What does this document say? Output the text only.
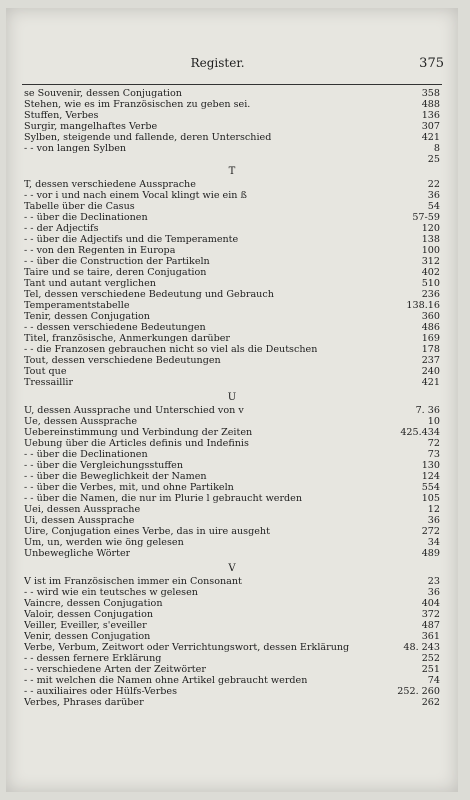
Register.	375
se Souvenir, dessen Conjugation	358
Stehen, wie es im Französischen zu geben sei.	488
Stuffen, Verbes	136
Surgir, mangelhaftes Verbe	307
Sylben, steigende und fallende, deren Unterschied	421
- - von langen Sylben	8
25
T
T, dessen verschiedene Aussprache	22
- - vor i und nach einem Vocal klingt wie ein ß	36
Tabelle über die Casus	54
- - über die Declinationen	57-59
- - der Adjectifs	120
- - über die Adjectifs und die Temperamente	138
- - von den Regenten in Europa	100
- - über die Construction der Partikeln	312
Taire und se taire, deren Conjugation	402
Tant und autant verglichen	510
Tel, dessen verschiedene Bedeutung und Gebrauch	236
Temperamentstabelle	138.16
Tenir, dessen Conjugation	360
- - dessen verschiedene Bedeutungen	486
Titel, französische, Anmerkungen darüber	169
- - die Franzosen gebrauchen nicht so viel als die Deutschen	178
Tout, dessen verschiedene Bedeutungen	237
Tout que	240
Tressaillir	421
U
U, dessen Aussprache und Unterschied von v	7. 36
Ue, dessen Aussprache	10
Uebereinstimmung und Verbindung der Zeiten	425.434
Uebung über die Articles definis und Indefinis	72
- - über die Declinationen	73
- - über die Vergleichungsstuffen	130
- - über die Beweglichkeit der Namen	124
- - über die Verbes, mit, und ohne Partikeln	554
- - über die Namen, die nur im Plurie l gebraucht werden	105
Uei, dessen Aussprache	12
Ui, dessen Aussprache	36
Uire, Conjugation eines Verbe, das in uire ausgeht	272
Um, un, werden wie öng gelesen	34
Unbewegliche Wörter	489
V
V ist im Französischen immer ein Consonant	23
- - wird wie ein teutsches w gelesen	36
Vaincre, dessen Conjugation	404
Valoir, dessen Conjugation	372
Veiller, Eveiller, s'eveiller	487
Venir, dessen Conjugation	361
Verbe, Verbum, Zeitwort oder Verrichtungswort, dessen Erklärung	48. 243
- - dessen fernere Erklärung	252
- - verschiedene Arten der Zeitwörter	251
- - mit welchen die Namen ohne Artikel gebraucht werden	74
- - auxiliaires oder Hülfs-Verbes	252. 260
Verbes, Phrases darüber	262
